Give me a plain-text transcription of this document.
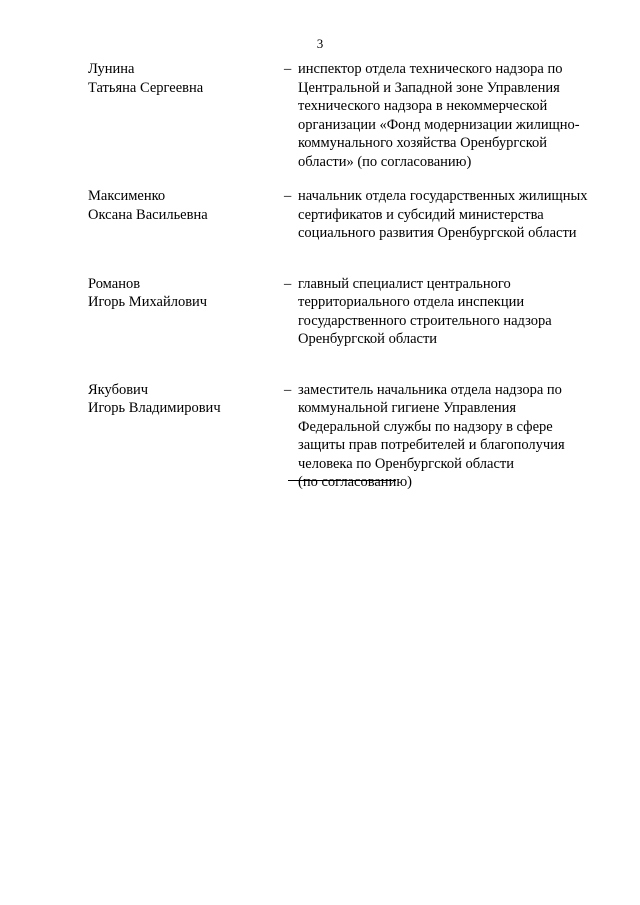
3
Лунина
Татьяна Сергеевна
– инспектор отдела технического надзора по
Центральной и Западной зоне Управления
технического надзора в некоммерческой
организации «Фонд модернизации жилищно-
коммунального хозяйства Оренбургской
области» (по согласованию)
Максименко
Оксана Васильевна
– начальник отдела государственных жилищных
сертификатов и субсидий министерства
социального развития Оренбургской области
Романов
Игорь Михайлович
– главный специалист центрального
территориального отдела инспекции
государственного строительного надзора
Оренбургской области
Якубович
Игорь Владимирович
– заместитель начальника отдела надзора по
коммунальной гигиене Управления
Федеральной службы по надзору в сфере
защиты прав потребителей и благополучия
человека по Оренбургской области
(по согласованию)
